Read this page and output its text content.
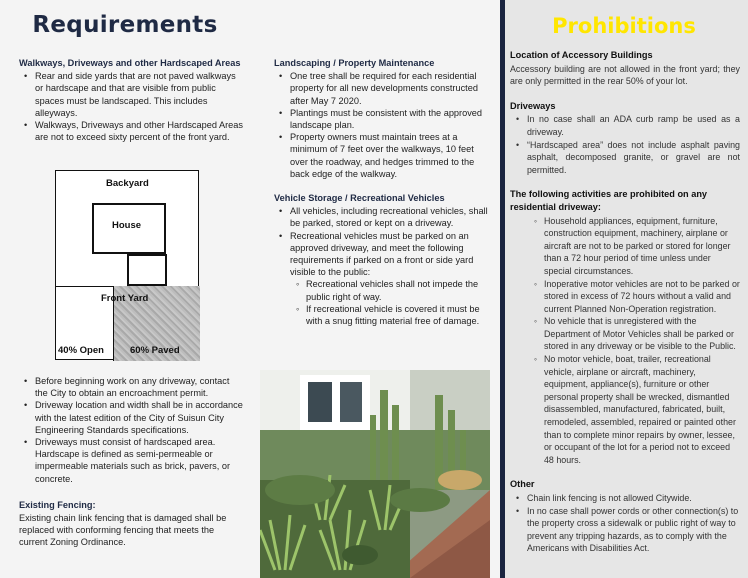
Requirements
Walkways, Driveways and other Hardscaped Areas
• Rear and side yards that are not paved walkways or hardscape and that are visible from public spaces must be landscaped. This includes alleyways.
• Walkways, Driveways and other Hardscaped Areas are not to exceed sixty percent of the front yard.
Backyard
House
Front Yard
40% Open	60% Paved
• Before beginning work on any driveway, contact the City to obtain an encroachment permit.
• Driveway location and width shall be in accordance with the latest edition of the City of Suisun City Engineering Standards specifications.
• Driveways must consist of hardscaped area. Hardscape is defined as semi-permeable or impermeable materials such as brick, pavers, or concrete.
Existing Fencing:

Existing chain link fencing that is damaged shall be replaced with conforming fencing that meets the current Zoning Ordinance.

Landscaping / Property Maintenance
• One tree shall be required for each residential property for all new developments constructed after May 7 2020.
• Plantings must be consistent with the approved landscape plan.
• Property owners must maintain trees at a minimum of 7 feet over the walkways, 10 feet over the roadway, and hedges trimmed to the back edge of the walkway.
Vehicle Storage / Recreational Vehicles
• All vehicles, including recreational vehicles, shall be parked, stored or kept on a driveway.
• Recreational vehicles must be parked on an approved driveway, and meet the following requirements if parked on a front or side yard visible to the public:
◦ Recreational vehicles shall not impede the public right of way.
◦ If recreational vehicle is covered it must be with a snug fitting material free of damage.
Prohibitions
Location of Accessory Buildings

Accessory building are not allowed in the front yard; they are only permitted in the rear 50% of your lot.

Driveways
• In no case shall an ADA curb ramp be used as a driveway.
• “Hardscaped area” does not include asphalt paving asphalt, decomposed granite, or gravel are not permitted.
The following activities are prohibited on any residential driveway:
◦ Household appliances, equipment, furniture, construction equipment, machinery, airplane or aircraft are not to be parked or stored for longer than a 72 hour period of time unless under special circumstances.
◦ Inoperative motor vehicles are not to be parked or stored in excess of 72 hours without a valid and current Planned Non-Operation registration.
◦ No vehicle that is unregistered with the Department of Motor Vehicles shall be parked or stored in any driveway or be visible to the Public.
◦ No motor vehicle, boat, trailer, recreational vehicle, airplane or aircraft, machinery, equipment, appliance(s), furniture or other personal property shall be wrecked, dismantled disassembled, manufactured, fabricated, built, remodeled, assembled, repaired or painted other than to complete minor repairs by owner, lessee, or occupant of the lot for a period not to exceed 48 hours.
Other
• Chain link fencing is not allowed Citywide.
• In no case shall power cords or other connection(s) to the property cross a sidewalk or public right of way to prevent any tripping hazards, as to comply with the Americans with Disabilities Act.
